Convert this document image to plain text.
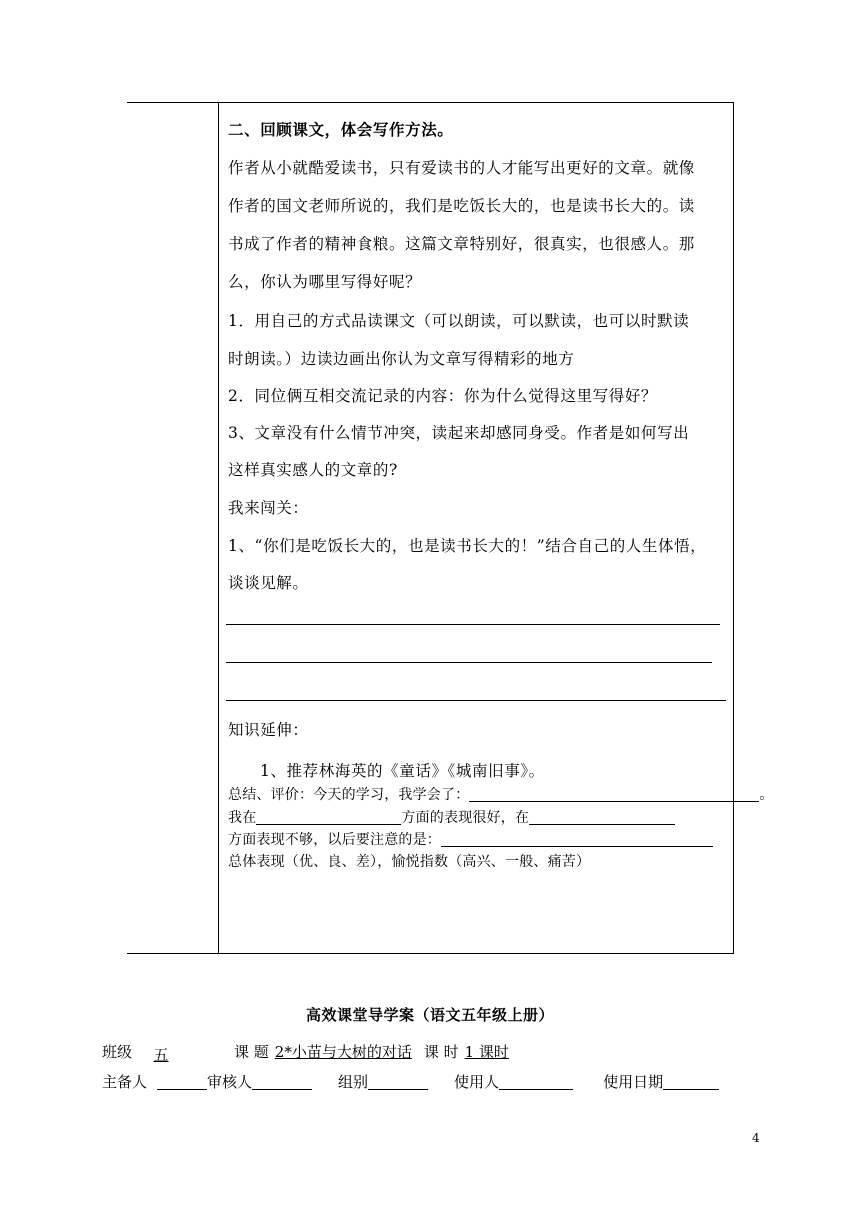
二、回顾课文，体会写作方法。
作者从小就酷爱读书，只有爱读书的人才能写出更好的文章。就像
作者的国文老师所说的，我们是吃饭长大的，也是读书长大的。读
书成了作者的精神食粮。这篇文章特别好，很真实，也很感人。那
么，你认为哪里写得好呢？
1．用自己的方式品读课文（可以朗读，可以默读，也可以时默读
时朗读。）边读边画出你认为文章写得精彩的地方
2．同位俩互相交流记录的内容：你为什么觉得这里写得好？
3、文章没有什么情节冲突，读起来却感同身受。作者是如何写出
这样真实感人的文章的?
我来闯关：
1、“你们是吃饭长大的，也是读书长大的！”结合自己的人生体悟，
谈谈见解。
知识延伸：
1、推荐林海英的《童话》《城南旧事》。
总结、评价：今天的学习，我学会了：	。
我在	方面的表现很好，在
方面表现不够，以后要注意的是：
总体表现（优、良、差），愉悦指数（高兴、一般、痛苦）
高效课堂导学案（语文五年级上册）
班级 五	课 题 2*小苗与大树的对话 课 时 1 课时
主备人	审核人	组别	使用人	使用日期
4
